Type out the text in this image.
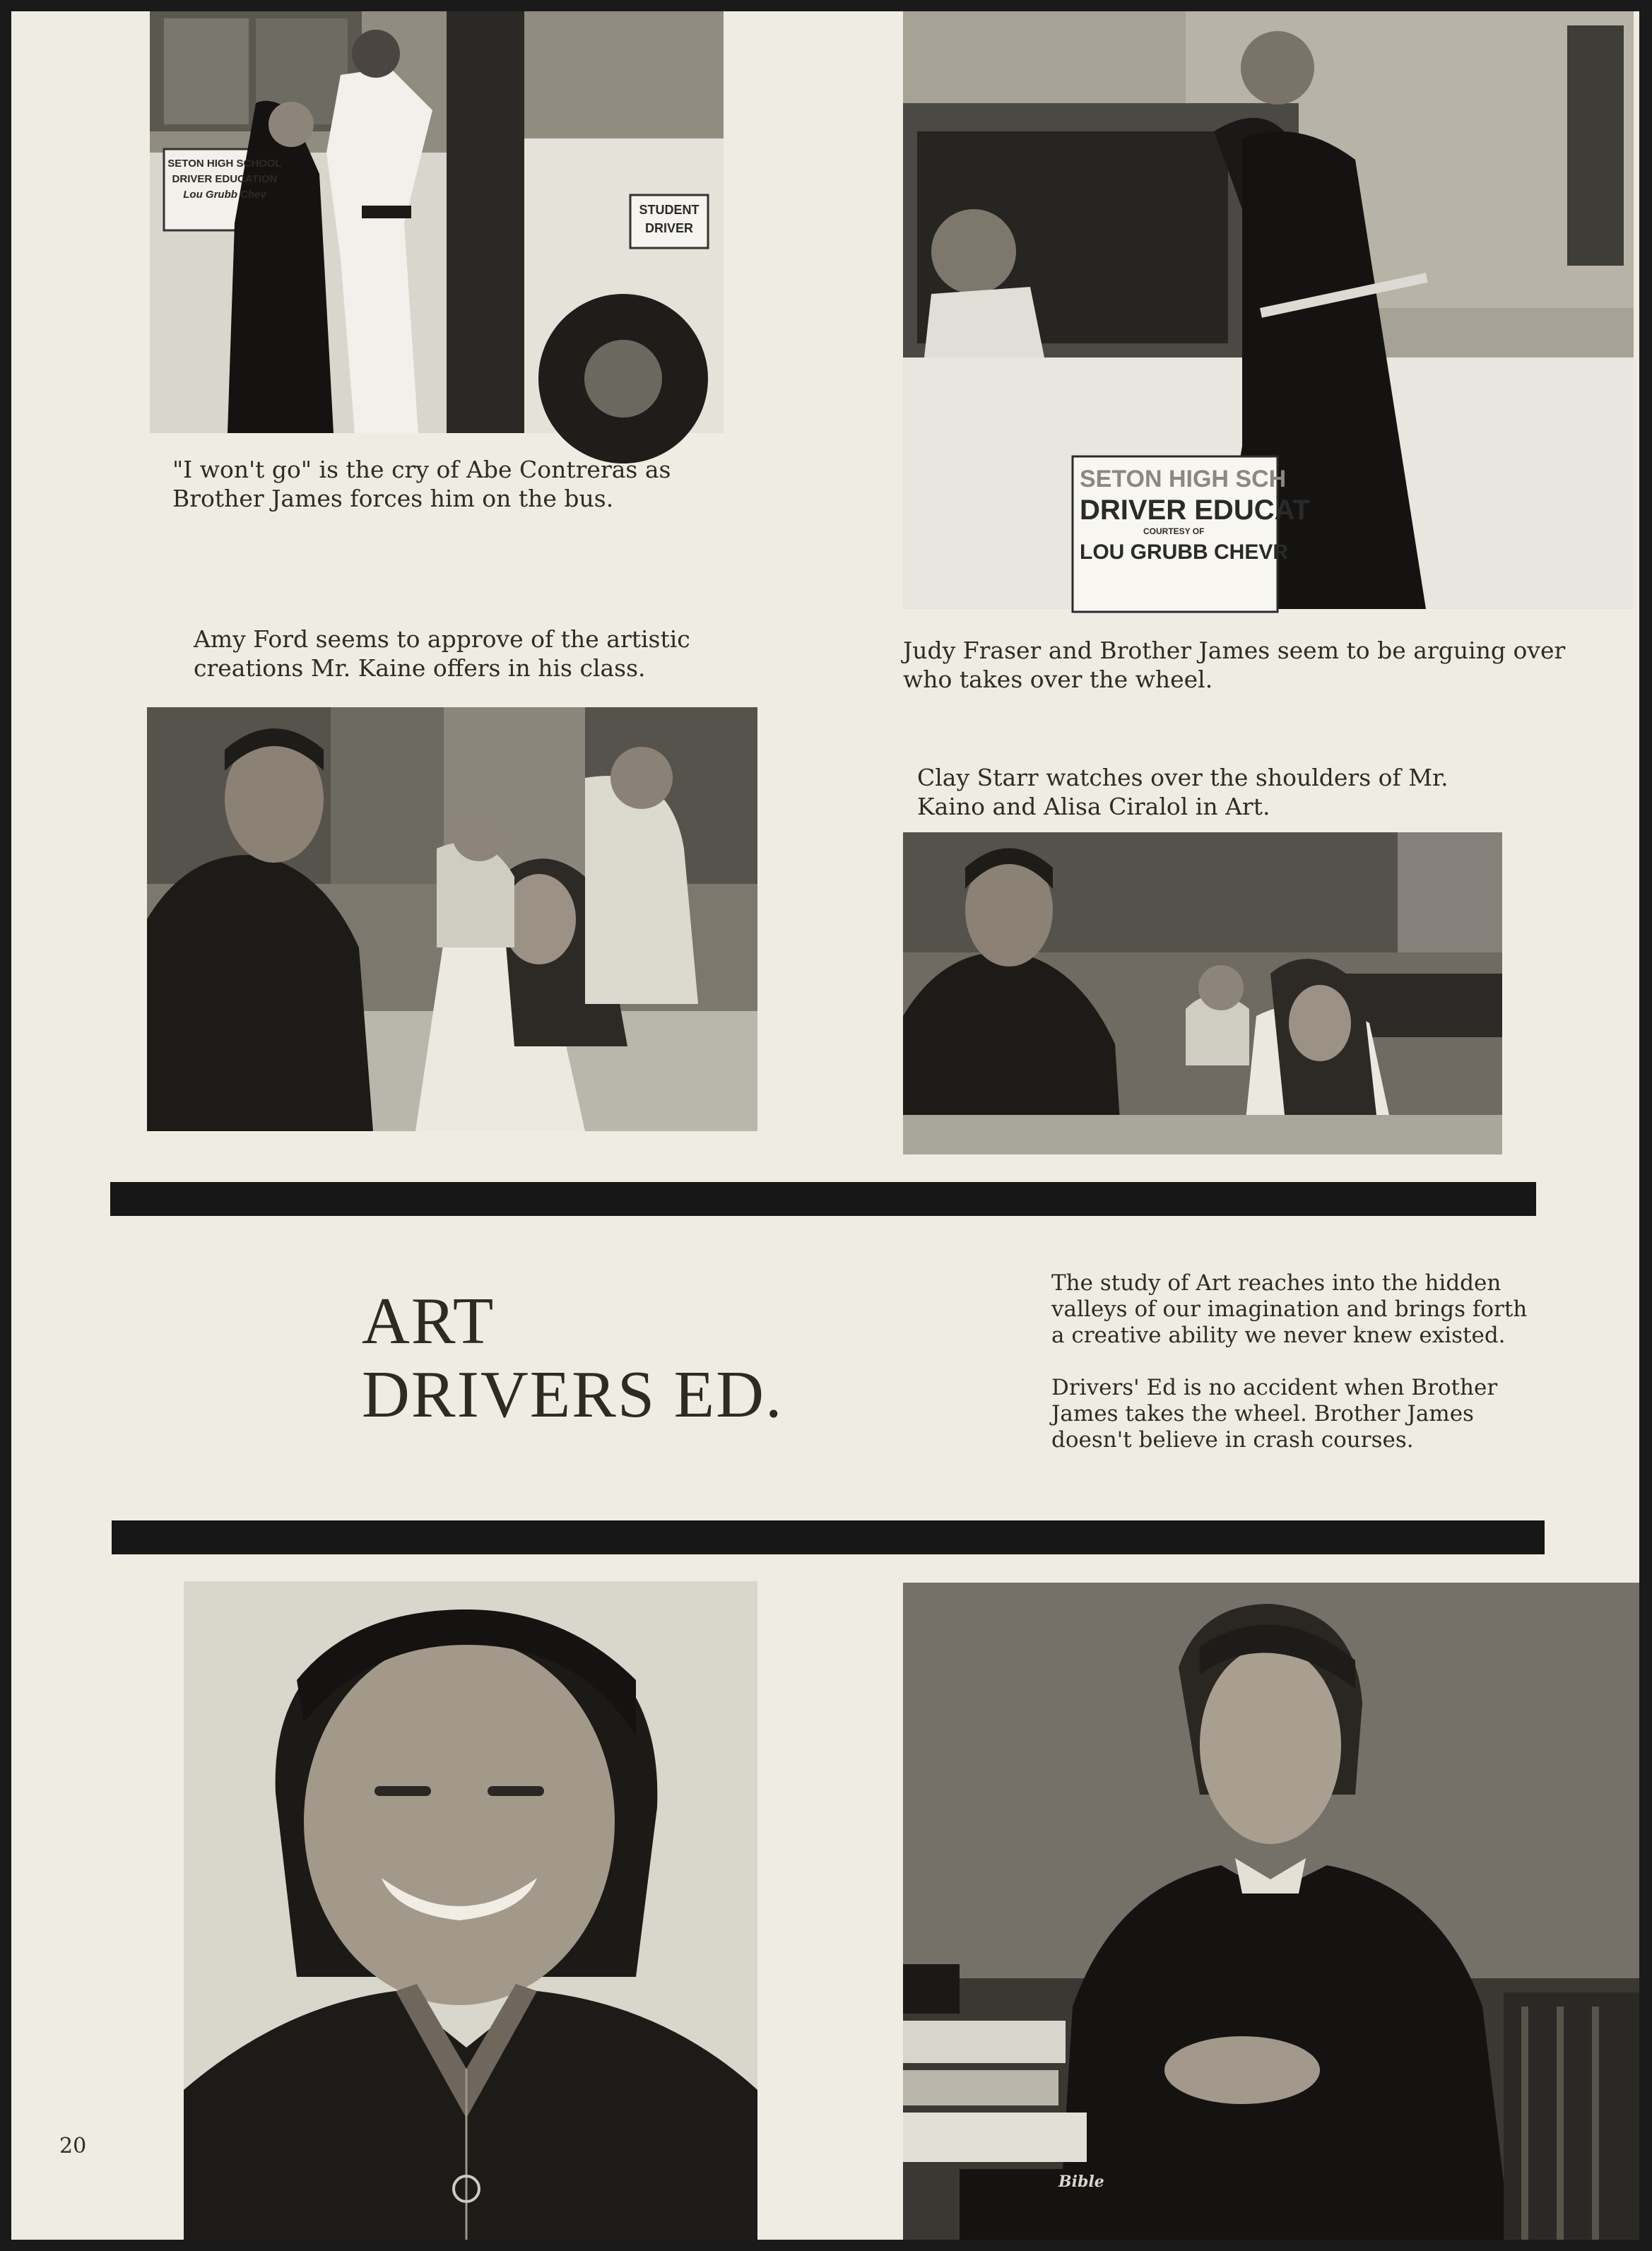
SETON HIGH SCHOOL
DRIVER EDUCATION
Lou Grubb Chev
STUDENT
DRIVER
"I won't go" is the cry of Abe Contreras as Brother James forces him on the bus.
SETON HIGH SCH
DRIVER EDUCAT
COURTESY OF
LOU GRUBB CHEVR
Judy Fraser and Brother James seem to be arguing over who takes over the wheel.
Amy Ford seems to approve of the artistic creations Mr. Kaine offers in his class.
Clay Starr watches over the shoulders of Mr. Kaino and Alisa Ciralol in Art.
ART
DRIVERS ED.

The study of Art reaches into the hidden valleys of our imagination and brings forth a creative ability we never knew existed.

Drivers' Ed is no accident when Brother James takes the wheel. Brother James doesn't believe in crash courses.

Bible
20
